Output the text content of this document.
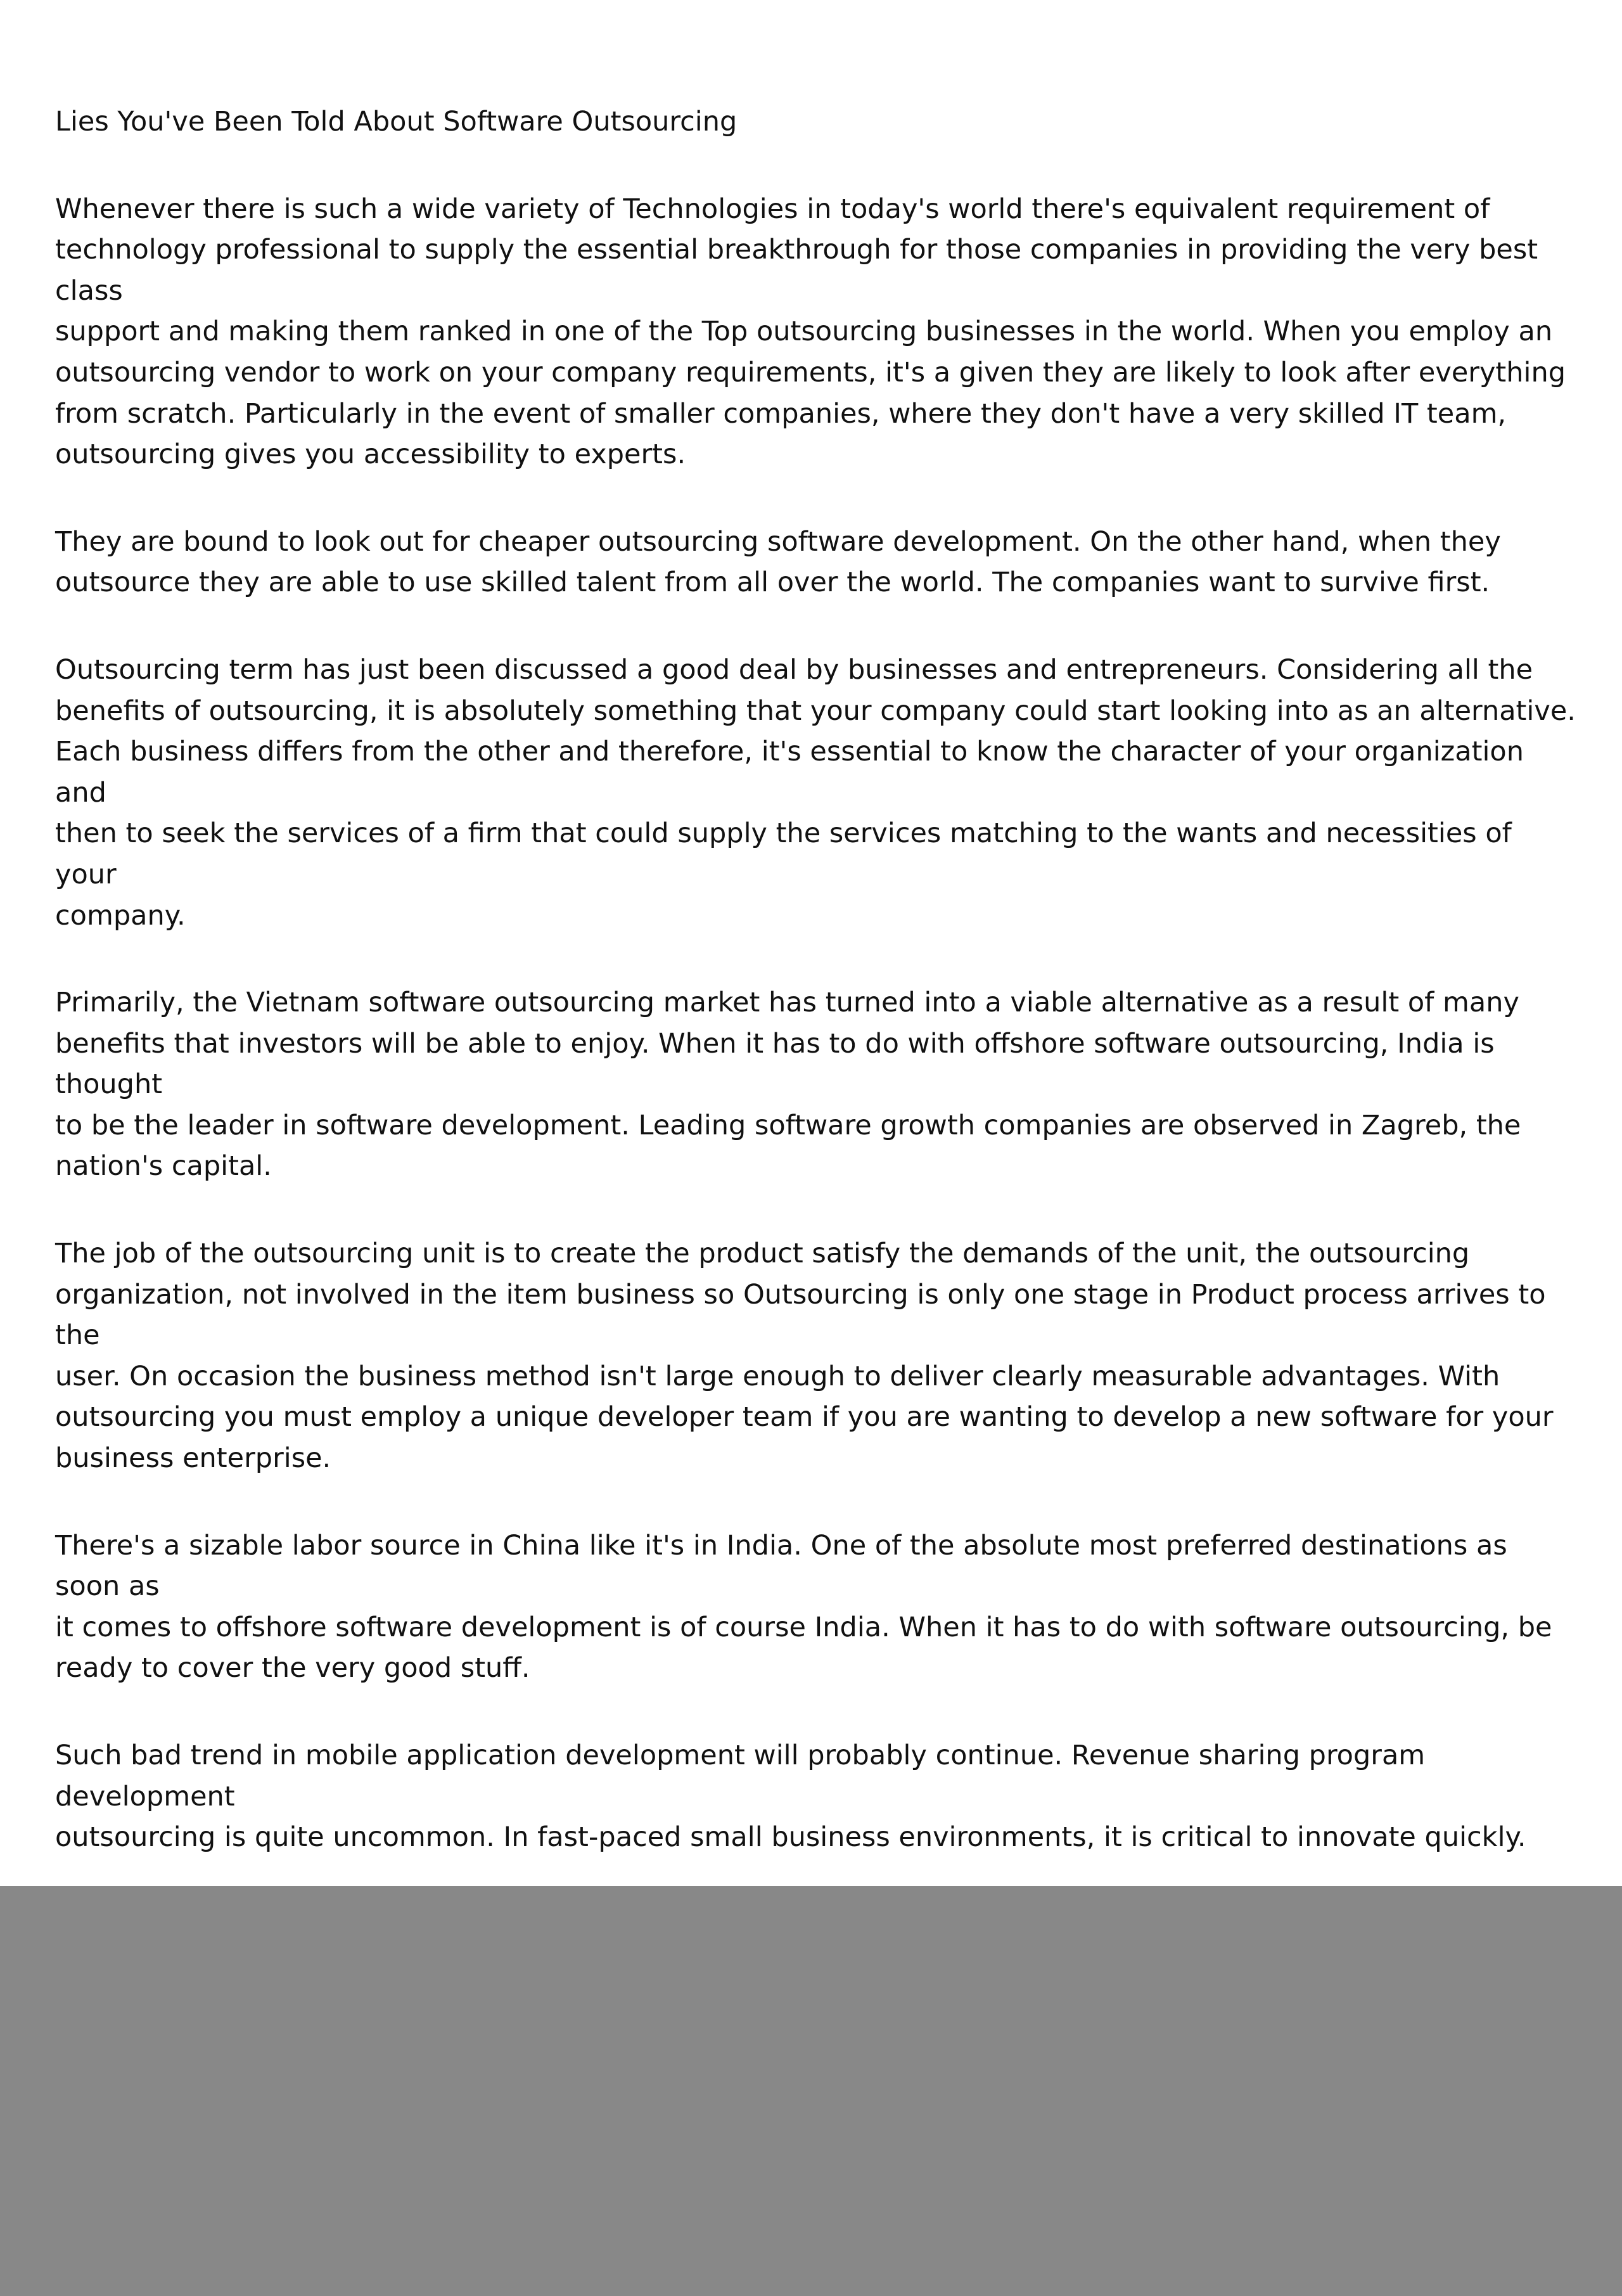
Lies You've Been Told About Software Outsourcing

Whenever there is such a wide variety of Technologies in today's world there's equivalent requirement of
technology professional to supply the essential breakthrough for those companies in providing the very best class
support and making them ranked in one of the Top outsourcing businesses in the world. When you employ an
outsourcing vendor to work on your company requirements, it's a given they are likely to look after everything
from scratch. Particularly in the event of smaller companies, where they don't have a very skilled IT team,
outsourcing gives you accessibility to experts.

They are bound to look out for cheaper outsourcing software development. On the other hand, when they
outsource they are able to use skilled talent from all over the world. The companies want to survive first.

Outsourcing term has just been discussed a good deal by businesses and entrepreneurs. Considering all the
benefits of outsourcing, it is absolutely something that your company could start looking into as an alternative.
Each business differs from the other and therefore, it's essential to know the character of your organization and
then to seek the services of a firm that could supply the services matching to the wants and necessities of your
company.

Primarily, the Vietnam software outsourcing market has turned into a viable alternative as a result of many
benefits that investors will be able to enjoy. When it has to do with offshore software outsourcing, India is thought
to be the leader in software development. Leading software growth companies are observed in Zagreb, the
nation's capital.

The job of the outsourcing unit is to create the product satisfy the demands of the unit, the outsourcing
organization, not involved in the item business so Outsourcing is only one stage in Product process arrives to the
user. On occasion the business method isn't large enough to deliver clearly measurable advantages. With
outsourcing you must employ a unique developer team if you are wanting to develop a new software for your
business enterprise.

There's a sizable labor source in China like it's in India. One of the absolute most preferred destinations as soon as
it comes to offshore software development is of course India. When it has to do with software outsourcing, be
ready to cover the very good stuff.

Such bad trend in mobile application development will probably continue. Revenue sharing program development
outsourcing is quite uncommon. In fast-paced small business environments, it is critical to innovate quickly.
